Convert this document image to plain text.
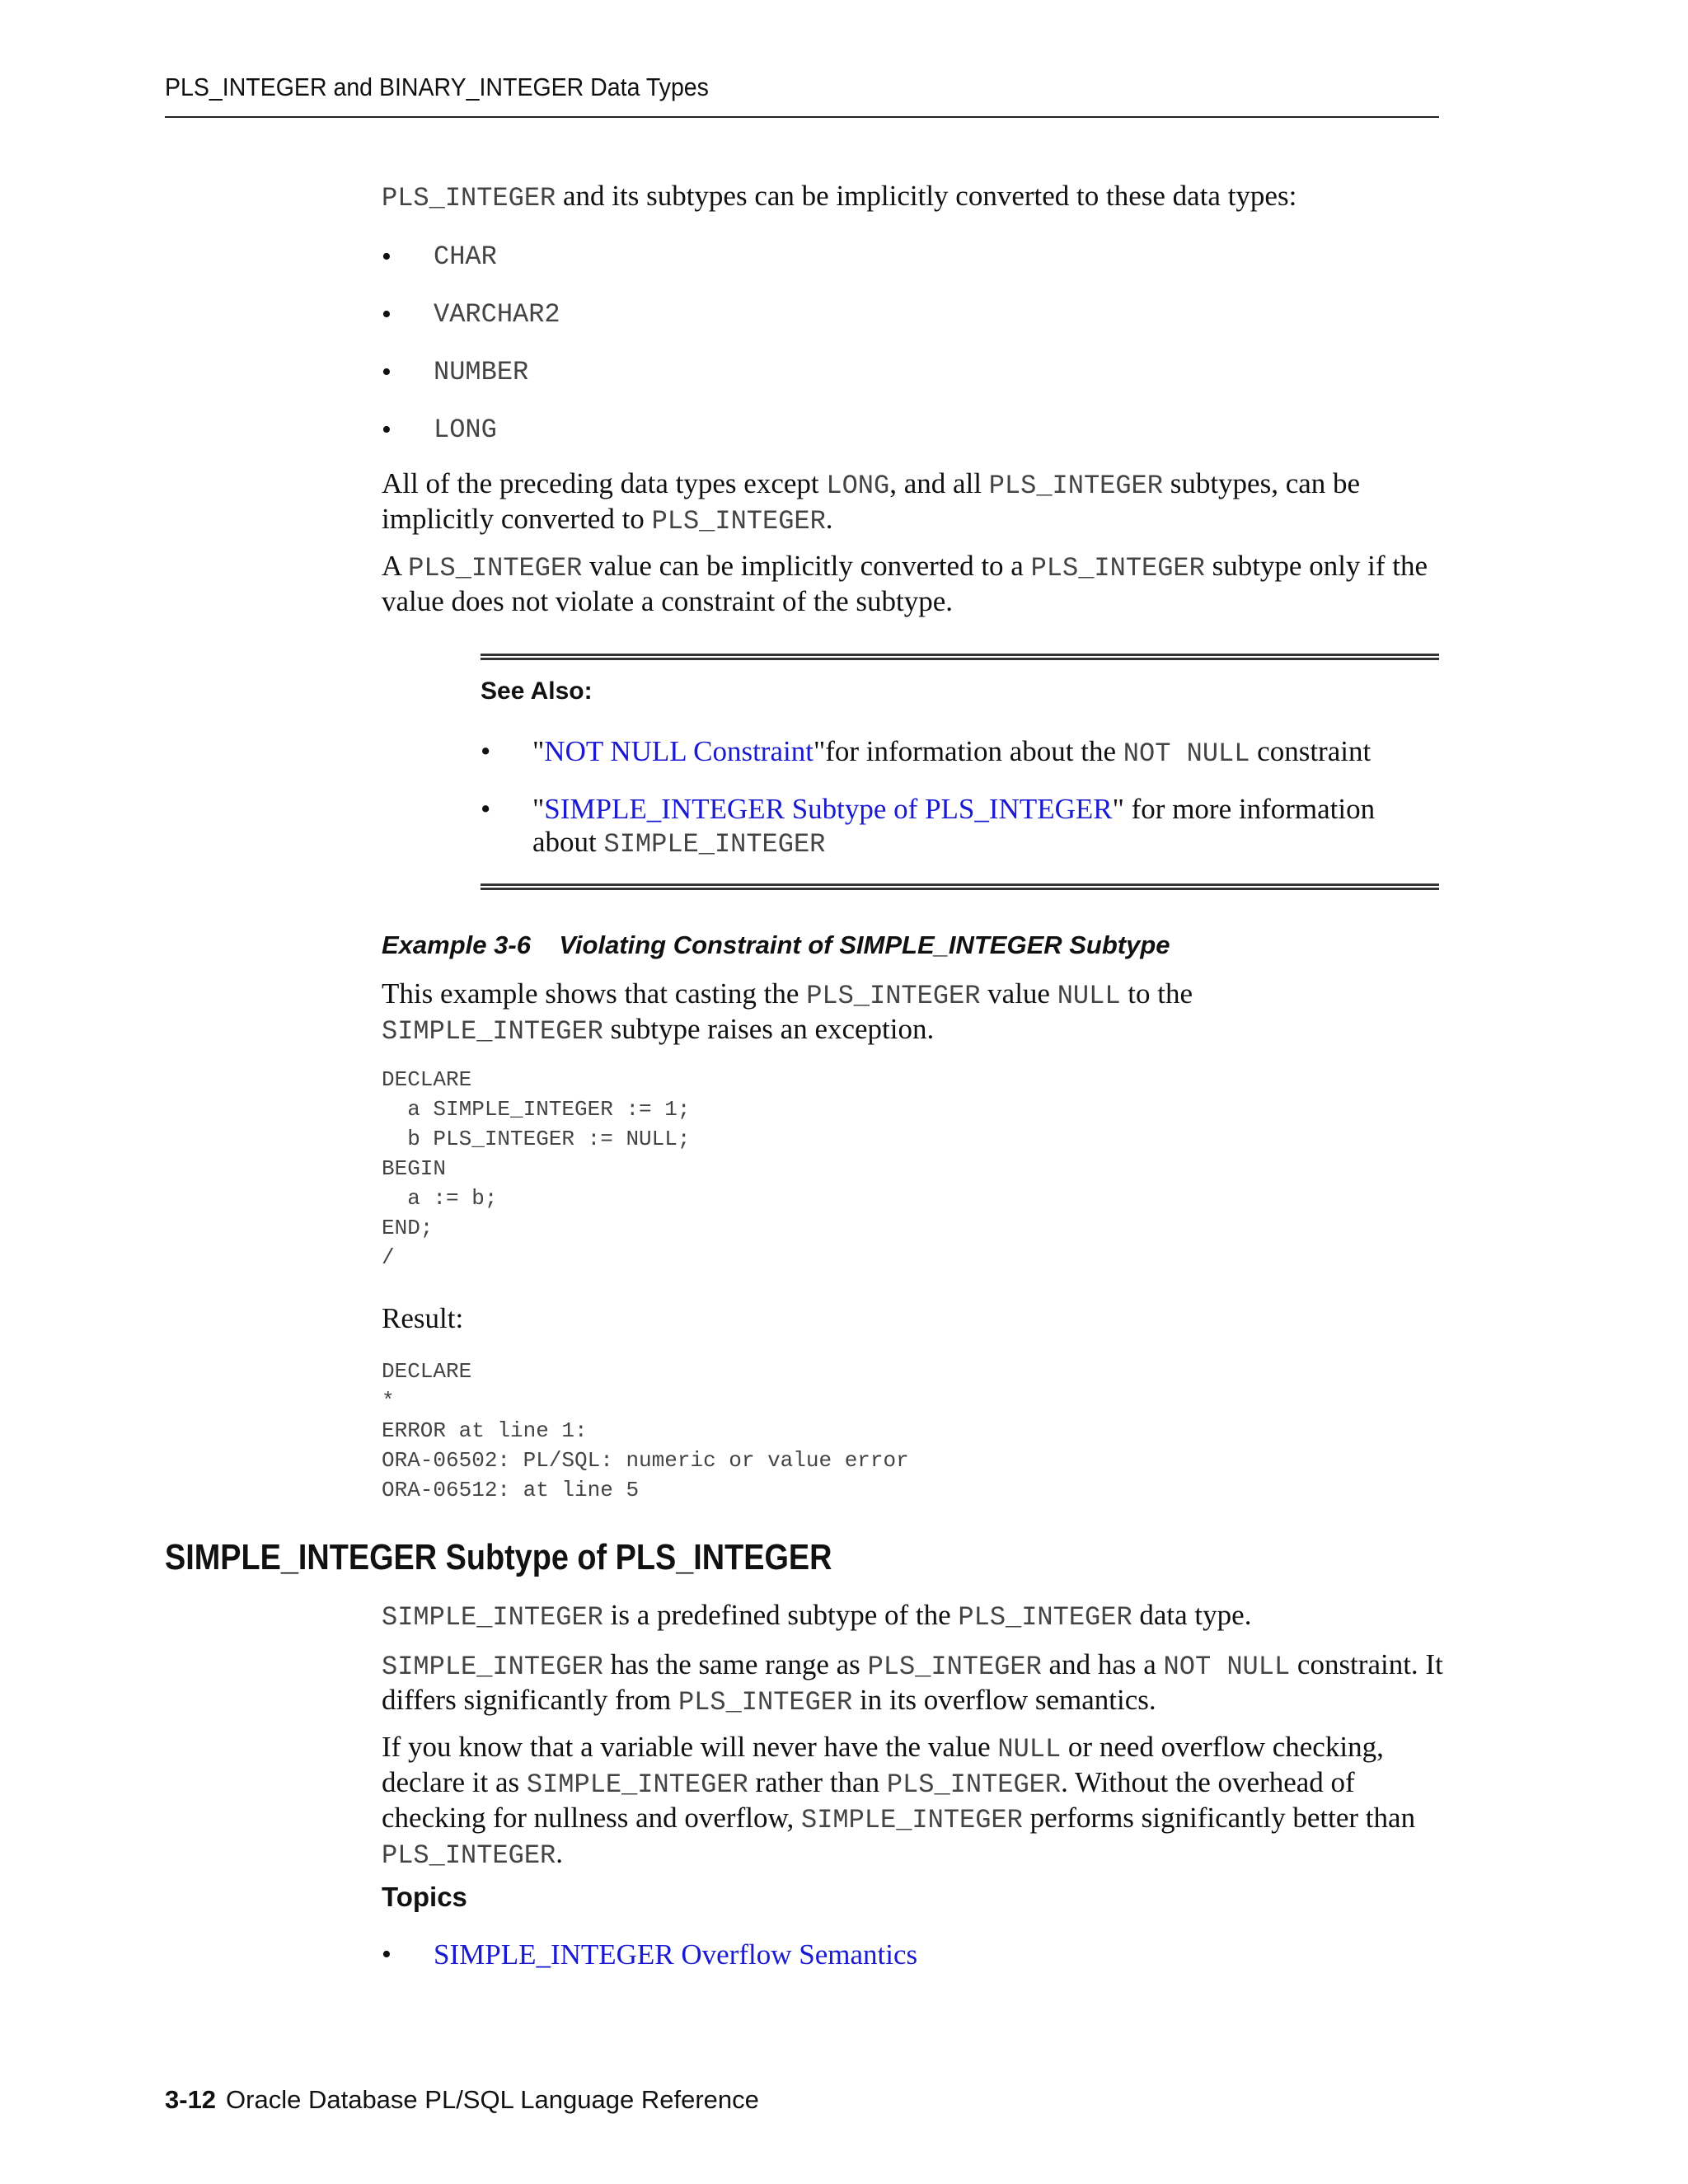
PLS_INTEGER and BINARY_INTEGER Data Types

PLS_INTEGER and its subtypes can be implicitly converted to these data types:

• CHAR
• VARCHAR2
• NUMBER
• LONG

All of the preceding data types except LONG, and all PLS_INTEGER subtypes, can be implicitly converted to PLS_INTEGER.

A PLS_INTEGER value can be implicitly converted to a PLS_INTEGER subtype only if the value does not violate a constraint of the subtype.

See Also:
• "NOT NULL Constraint"for information about the NOT NULL constraint
• "SIMPLE_INTEGER Subtype of PLS_INTEGER" for more information
about SIMPLE_INTEGER
Example 3-6    Violating Constraint of SIMPLE_INTEGER Subtype

This example shows that casting the PLS_INTEGER value NULL to the
SIMPLE_INTEGER subtype raises an exception.

DECLARE
a SIMPLE_INTEGER := 1;
b PLS_INTEGER := NULL;
BEGIN
a := b;
END;
/
Result:
DECLARE
*
ERROR at line 1:
ORA-06502: PL/SQL: numeric or value error
ORA-06512: at line 5
SIMPLE_INTEGER Subtype of PLS_INTEGER

SIMPLE_INTEGER is a predefined subtype of the PLS_INTEGER data type.

SIMPLE_INTEGER has the same range as PLS_INTEGER and has a NOT NULL constraint. It differs significantly from PLS_INTEGER in its overflow semantics.

If you know that a variable will never have the value NULL or need overflow checking, declare it as SIMPLE_INTEGER rather than PLS_INTEGER. Without the overhead of checking for nullness and overflow, SIMPLE_INTEGER performs significantly better than PLS_INTEGER.

Topics
• SIMPLE_INTEGER Overflow Semantics
3-12 Oracle Database PL/SQL Language Reference
